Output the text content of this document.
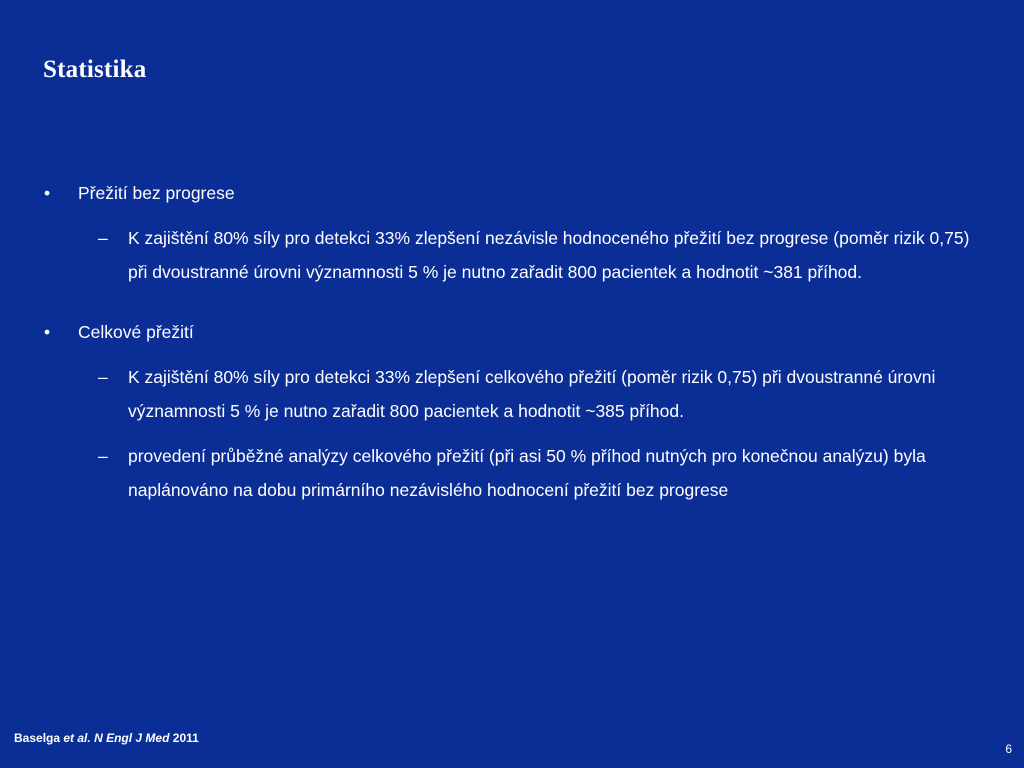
Statistika
•	Přežití bez progrese
–	K zajištění 80% síly pro detekci 33% zlepšení nezávisle hodnoceného přežití bez progrese (poměr rizik 0,75) při dvoustranné úrovni významnosti 5 % je nutno zařadit 800 pacientek a hodnotit ~381 příhod.
•	Celkové přežití
–	K zajištění 80% síly pro detekci 33% zlepšení celkového přežití (poměr rizik 0,75) při dvoustranné úrovni významnosti 5 % je nutno zařadit 800 pacientek a hodnotit ~385 příhod.
–	provedení průběžné analýzy celkového přežití (při asi 50 % příhod nutných pro konečnou analýzu) byla naplánováno na dobu primárního nezávislého hodnocení přežití bez progrese
Baselga et al. N Engl J Med 2011
6
